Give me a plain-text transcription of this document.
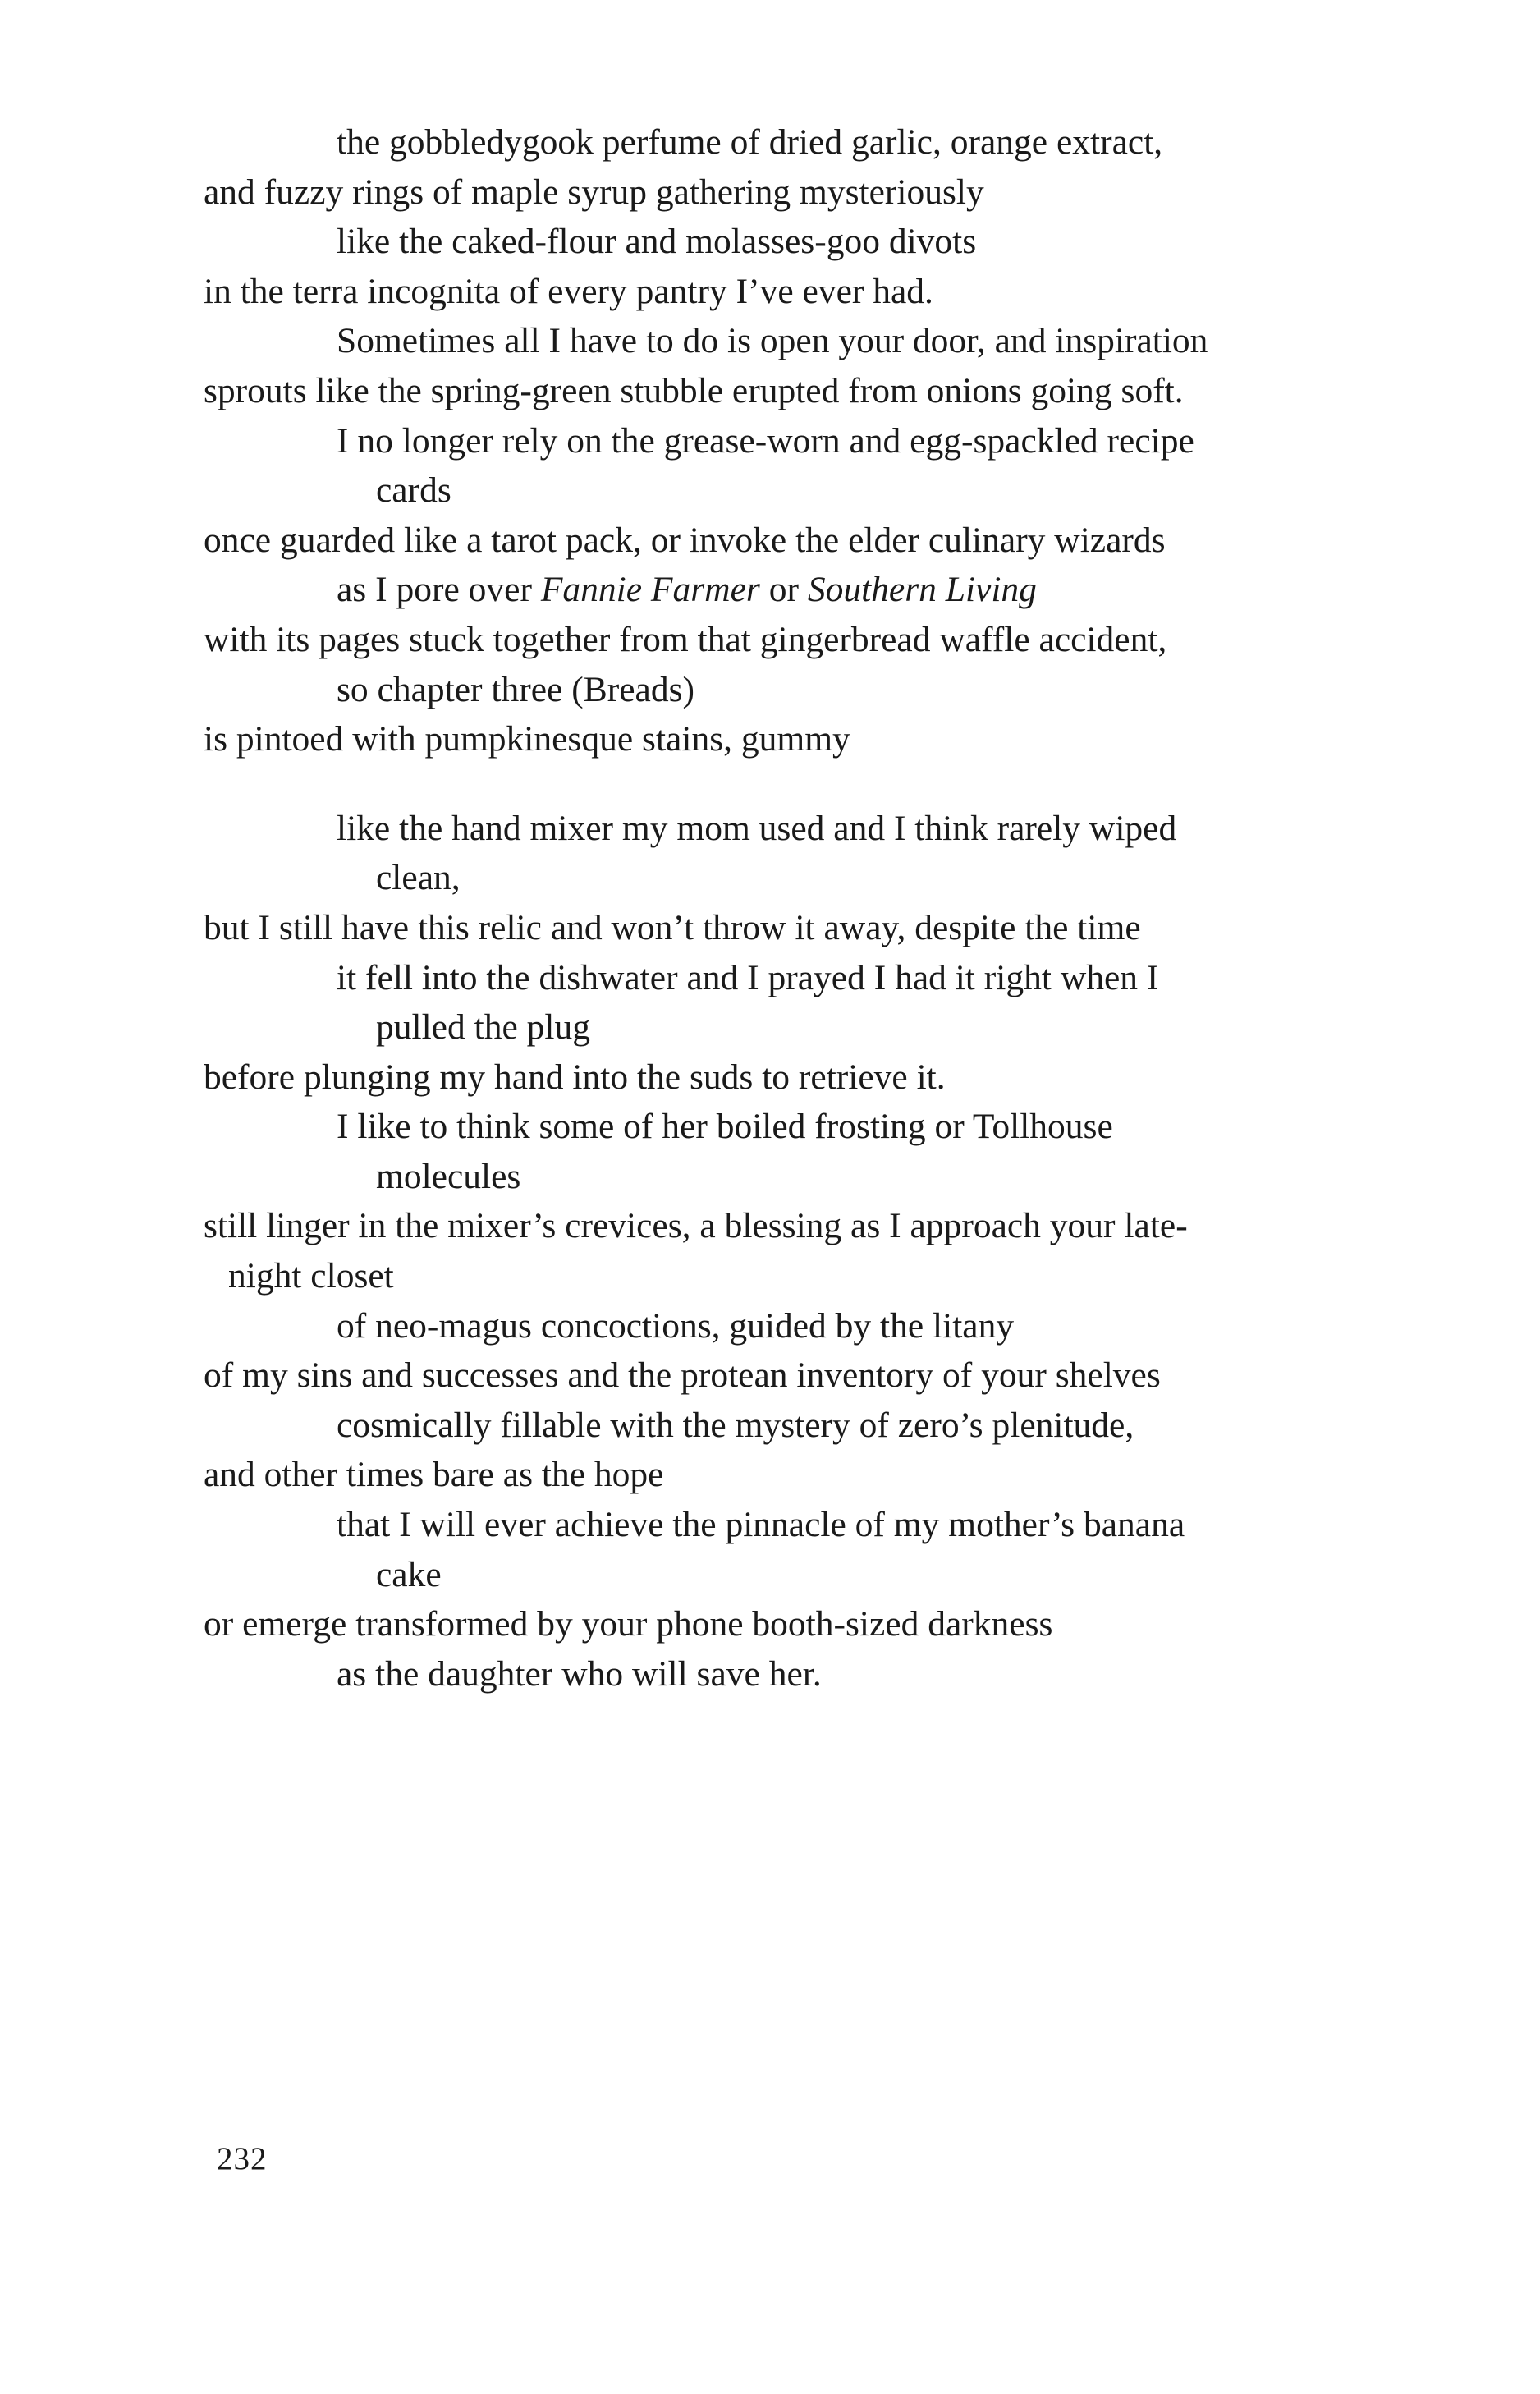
the gobbledygook perfume of dried garlic, orange extract,
and fuzzy rings of maple syrup gathering mysteriously
like the caked-flour and molasses-goo divots
in the terra incognita of every pantry I’ve ever had.
Sometimes all I have to do is open your door, and inspiration
sprouts like the spring-green stubble erupted from onions going soft.
I no longer rely on the grease-worn and egg-spackled recipe
cards
once guarded like a tarot pack, or invoke the elder culinary wizards
as I pore over Fannie Farmer or Southern Living
with its pages stuck together from that gingerbread waffle accident,
so chapter three (Breads)
is pintoed with pumpkinesque stains, gummy
like the hand mixer my mom used and I think rarely wiped
clean,
but I still have this relic and won’t throw it away, despite the time
it fell into the dishwater and I prayed I had it right when I
pulled the plug
before plunging my hand into the suds to retrieve it.
I like to think some of her boiled frosting or Tollhouse
molecules
still linger in the mixer’s crevices, a blessing as I approach your late-
night closet
of neo-magus concoctions, guided by the litany
of my sins and successes and the protean inventory of your shelves
cosmically fillable with the mystery of zero’s plenitude,
and other times bare as the hope
that I will ever achieve the pinnacle of my mother’s banana
cake
or emerge transformed by your phone booth-sized darkness
as the daughter who will save her.
232
